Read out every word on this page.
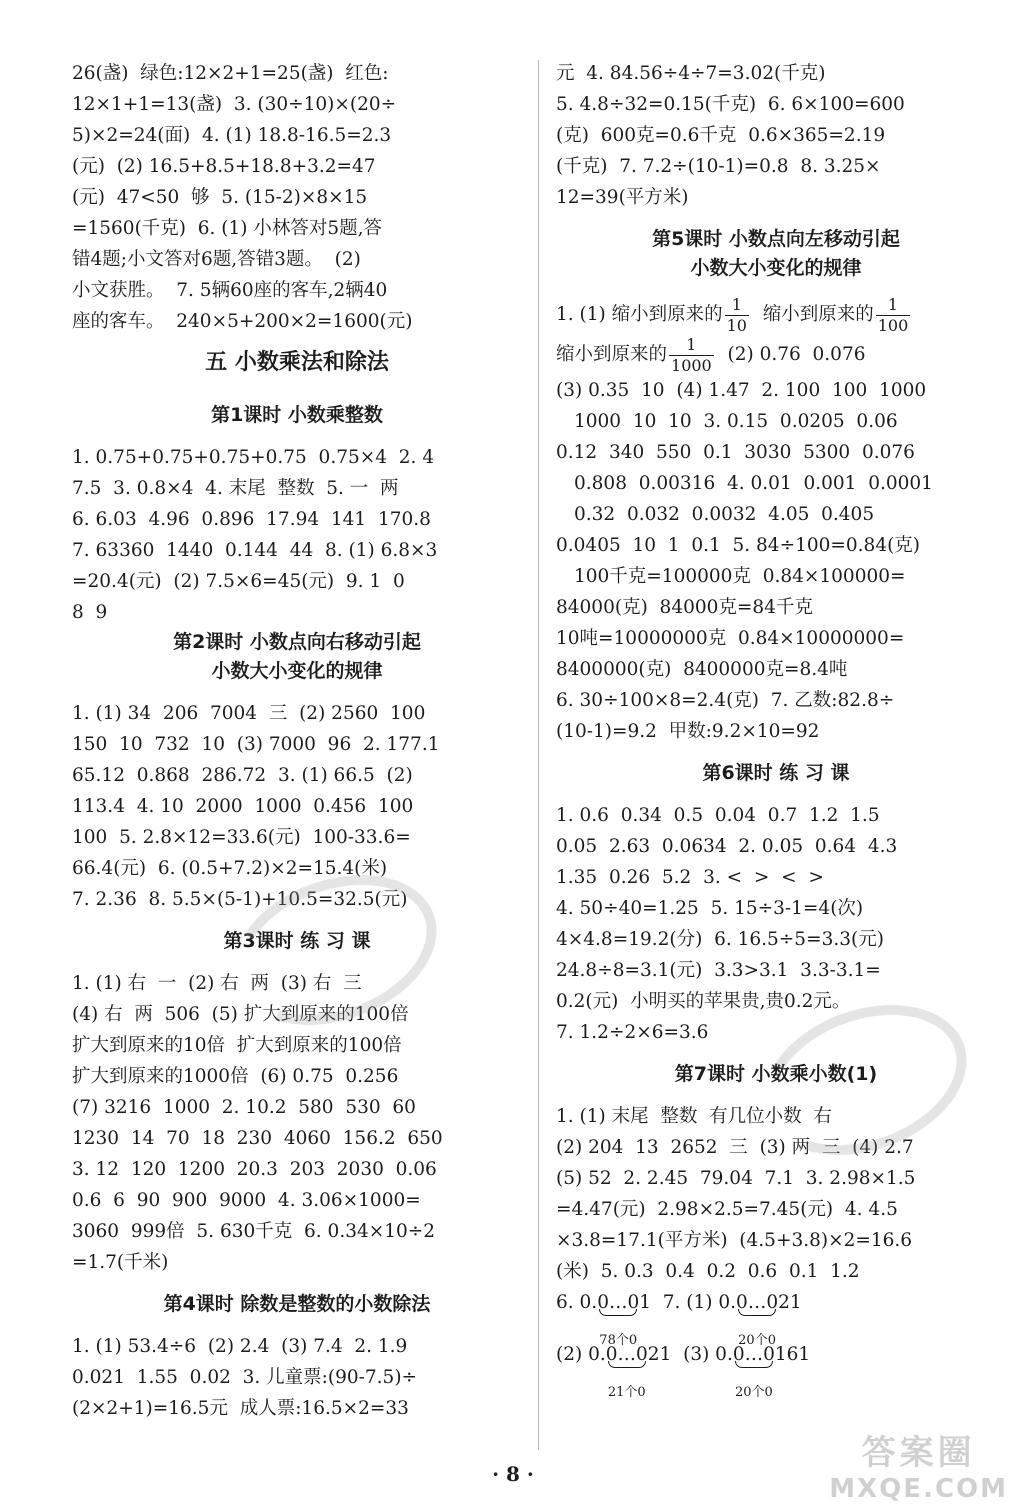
26(盏)  绿色:12×2+1=25(盏)  红色:
12×1+1=13(盏)  3. (30÷10)×(20÷
5)×2=24(面)  4. (1) 18.8-16.5=2.3
(元)  (2) 16.5+8.5+18.8+3.2=47
(元)  47<50  够  5. (15-2)×8×15
=1560(千克)  6. (1) 小林答对5题,答
错4题;小文答对6题,答错3题。  (2)
小文获胜。  7. 5辆60座的客车,2辆40
座的客车。  240×5+200×2=1600(元)
五 小数乘法和除法
第1课时 小数乘整数
1. 0.75+0.75+0.75+0.75  0.75×4  2. 4
7.5  3. 0.8×4  4. 末尾  整数  5. 一  两
6. 6.03  4.96  0.896  17.94  141  170.8
7. 63360  1440  0.144  44  8. (1) 6.8×3
=20.4(元)  (2) 7.5×6=45(元)  9. 1  0
8  9
第2课时 小数点向右移动引起
小数大小变化的规律
1. (1) 34  206  7004  三  (2) 2560  100
150  10  732  10  (3) 7000  96  2. 177.1
65.12  0.868  286.72  3. (1) 66.5  (2)
113.4  4. 10  2000  1000  0.456  100
100  5. 2.8×12=33.6(元)  100-33.6=
66.4(元)  6. (0.5+7.2)×2=15.4(米)
7. 2.36  8. 5.5×(5-1)+10.5=32.5(元)
第3课时 练 习 课
1. (1) 右  一  (2) 右  两  (3) 右  三
(4) 右  两  506  (5) 扩大到原来的100倍
扩大到原来的10倍  扩大到原来的100倍
扩大到原来的1000倍  (6) 0.75  0.256
(7) 3216  1000  2. 10.2  580  530  60
1230  14  70  18  230  4060  156.2  650
3. 12  120  1200  20.3  203  2030  0.06
0.6  6  90  900  9000  4. 3.06×1000=
3060  999倍  5. 630千克  6. 0.34×10÷2
=1.7(千米)
第4课时 除数是整数的小数除法
1. (1) 53.4÷6  (2) 2.4  (3) 7.4  2. 1.9
0.021  1.55  0.02  3. 儿童票:(90-7.5)÷
(2×2+1)=16.5元  成人票:16.5×2=33
元  4. 84.56÷4÷7=3.02(千克)
5. 4.8÷32=0.15(千克)  6. 6×100=600
(克)  600克=0.6千克  0.6×365=2.19
(千克)  7. 7.2÷(10-1)=0.8  8. 3.25×
12=39(平方米)
第5课时 小数点向左移动引起
小数大小变化的规律
1. (1) 缩小到原来的 $\frac{1}{10}$ 缩小到原来的 $\frac{1}{100}$
缩小到原来的 $\frac{1}{1000} (2)$ 0.76  0.076
(3) 0.35  10  (4) 1.47  2. 100  100  1000
1000  10  10  3. 0.15  0.0205  0.06
0.12  340  550  0.1  3030  5300  0.076
0.808  0.00316  4. 0.01  0.001  0.0001
0.32  0.032  0.0032  4.05  0.405
0.0405  10  1  0.1  5. 84÷100=0.84(克)
100千克=100000克  0.84×100000=
84000(克)  84000克=84千克
10吨=10000000克  0.84×10000000=
8400000(克)  8400000克=8.4吨
6. 30÷100×8=2.4(克)  7. 乙数:82.8÷
(10-1)=9.2  甲数:9.2×10=92
第6课时 练 习 课
1. 0.6  0.34  0.5  0.04  0.7  1.2  1.5
0.05  2.63  0.0634  2. 0.05  0.64  4.3
1.35  0.26  5.2  3. <  >  <  >
4. 50÷40=1.25  5. 15÷3-1=4(次)
4×4.8=19.2(分)  6. 16.5÷5=3.3(元)
24.8÷8=3.1(元)  3.3>3.1  3.3-3.1=
0.2(元)  小明买的苹果贵,贵0.2元。
7. 1.2÷2×6=3.6
第7课时 小数乘小数(1)
1. (1) 末尾  整数  有几位小数  右
(2) 204  13  2652  三  (3) 两  三  (4) 2.7
(5) 52  2. 2.45  79.04  7.1  3. 2.98×1.5
=4.47(元)  2.98×2.5=7.45(元)  4. 4.5
×3.8=17.1(平方米)  (4.5+3.8)×2=16.6
(米)  5. 0.3  0.4  0.2  0.6  0.1  1.2
6. 0.0…0
78个0
1  7. (1) 0.0…0
20个0
21
(2) 0.0…0
21个0
21  (3) 0.0…0
20个0
161
· 8 ·
答案圈
MXQE.COM
